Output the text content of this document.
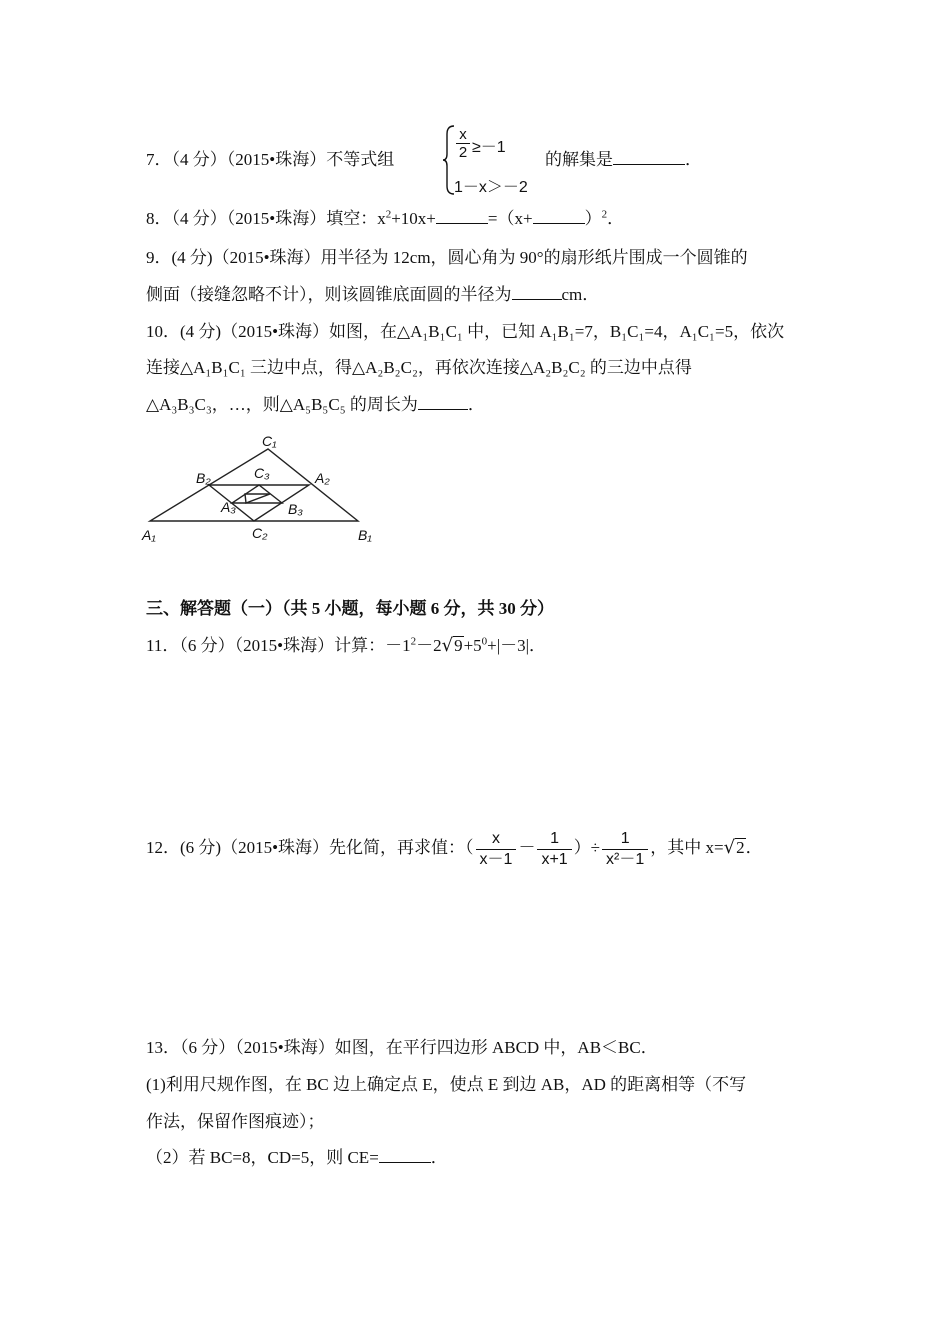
7．（4 分）（2015•珠海）不等式组	$\frac{x}{2} \ge-1$
1－x＞－2
的解集是	．
8．（4 分）（2015•珠海）填空：$x^2+10x+$	=（x+	）$^2$．
9．(4 分)（2015•珠海）用半径为 12cm，圆心角为 90°的扇形纸片围成一个圆锥的
侧面（接缝忽略不计），则该圆锥底面圆的半径为	cm．
10．(4 分)（2015•珠海）如图，在△A₁B₁C₁ 中，已知 A₁B₁=7，B₁C₁=4，A₁C₁=5，依次
连接△A₁B₁C₁ 三边中点，得△A₂B₂C₂，再依次连接△A₂B₂C₂ 的三边中点得
△A₃B₃C₃，…，则△A₅B₅C₅ 的周长为	．
C₁
B₂	C₃	A₂
A₃	B₃
A₁	C₂	B₁
三、解答题（一）（共 5 小题，每小题 6 分，共 30 分）
11．（6 分）（2015•珠海）计算：$-1^2-2√9+5^0+|-3|$．
12．(6 分)（2015•珠海）先化简，再求值：（ $\frac{x}{x-1} - \frac{1}{x+1}$ ）÷ $\frac{1}{\text{x²－1}}$ ，其中 x=√2．
13．（6 分）（2015•珠海）如图，在平行四边形 ABCD 中，AB＜BC．
(1)利用尺规作图，在 BC 边上确定点 E，使点 E 到边 AB，AD 的距离相等（不写
作法，保留作图痕迹）；
（2）若 BC=8，CD=5，则 CE=	．
